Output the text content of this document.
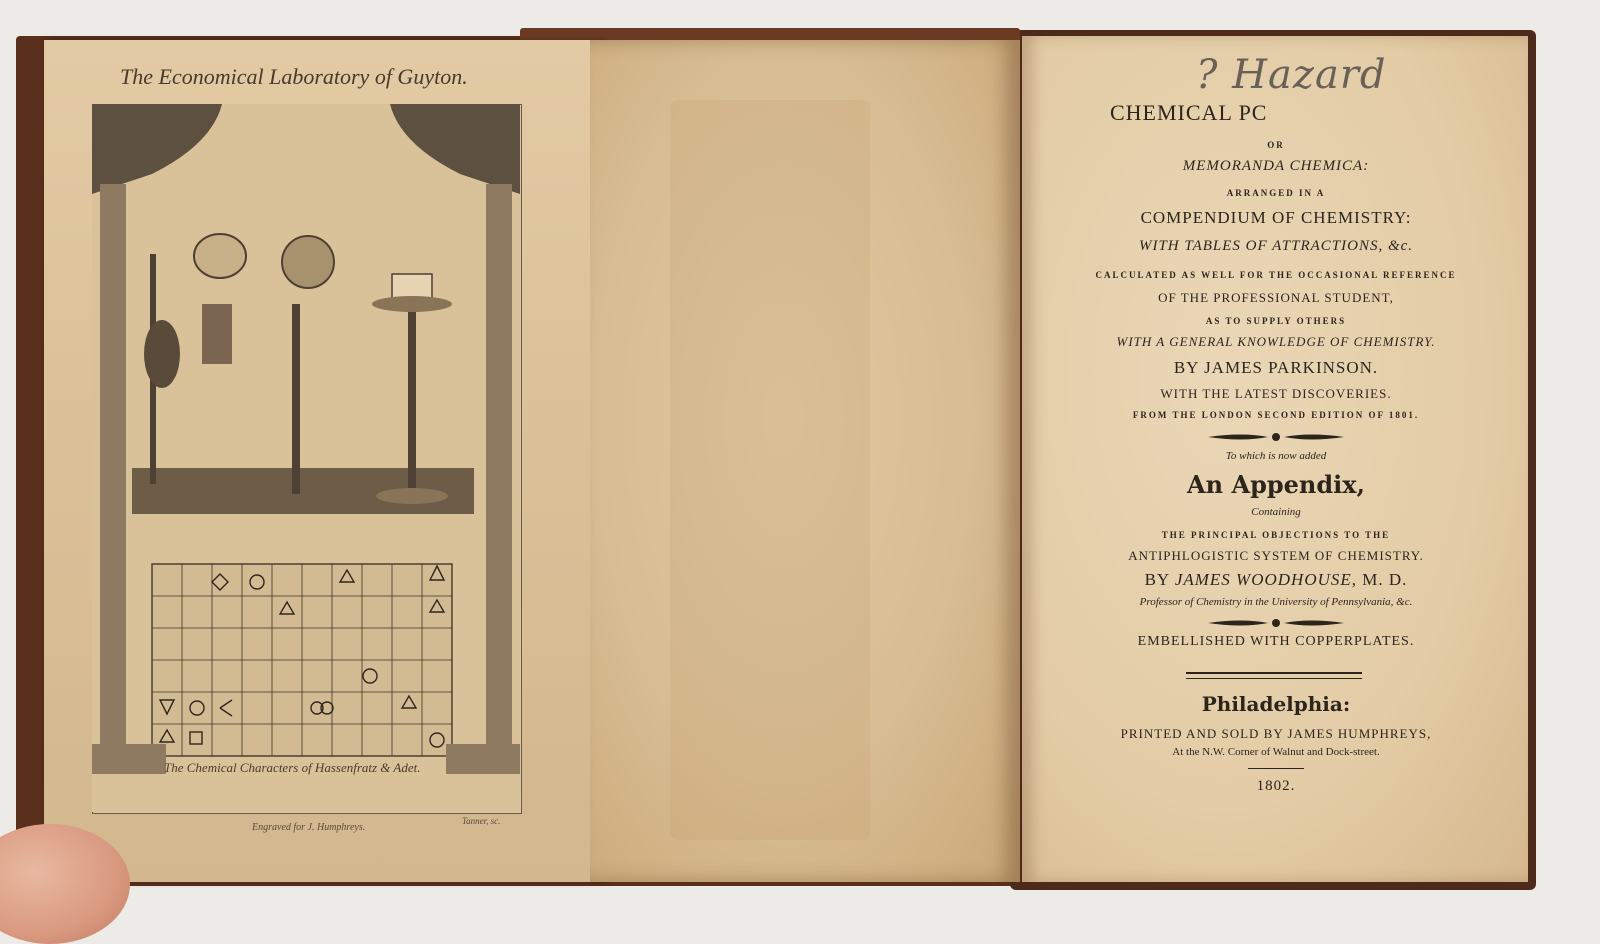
The Economical Laboratory of Guyton.
The Chemical Characters of Hassenfratz & Adet.
Engraved for J. Humphreys.
Tanner, sc.
? Hazard
CHEMICAL PC
OR
MEMORANDA CHEMICA:
ARRANGED IN A
COMPENDIUM OF CHEMISTRY:
WITH TABLES OF ATTRACTIONS, &c.
CALCULATED AS WELL FOR THE OCCASIONAL REFERENCE
OF THE PROFESSIONAL STUDENT,
AS TO SUPPLY OTHERS
WITH A GENERAL KNOWLEDGE OF CHEMISTRY.
BY JAMES PARKINSON.
WITH THE LATEST DISCOVERIES.
FROM THE LONDON SECOND EDITION OF 1801.
To which is now added
An Appendix,
Containing
THE PRINCIPAL OBJECTIONS TO THE
ANTIPHLOGISTIC SYSTEM OF CHEMISTRY.
BY JAMES WOODHOUSE, M. D.
Professor of Chemistry in the University of Pennsylvania, &c.
EMBELLISHED WITH COPPERPLATES.
Philadelphia:
PRINTED AND SOLD BY JAMES HUMPHREYS,
At the N.W. Corner of Walnut and Dock-street.
1802.
